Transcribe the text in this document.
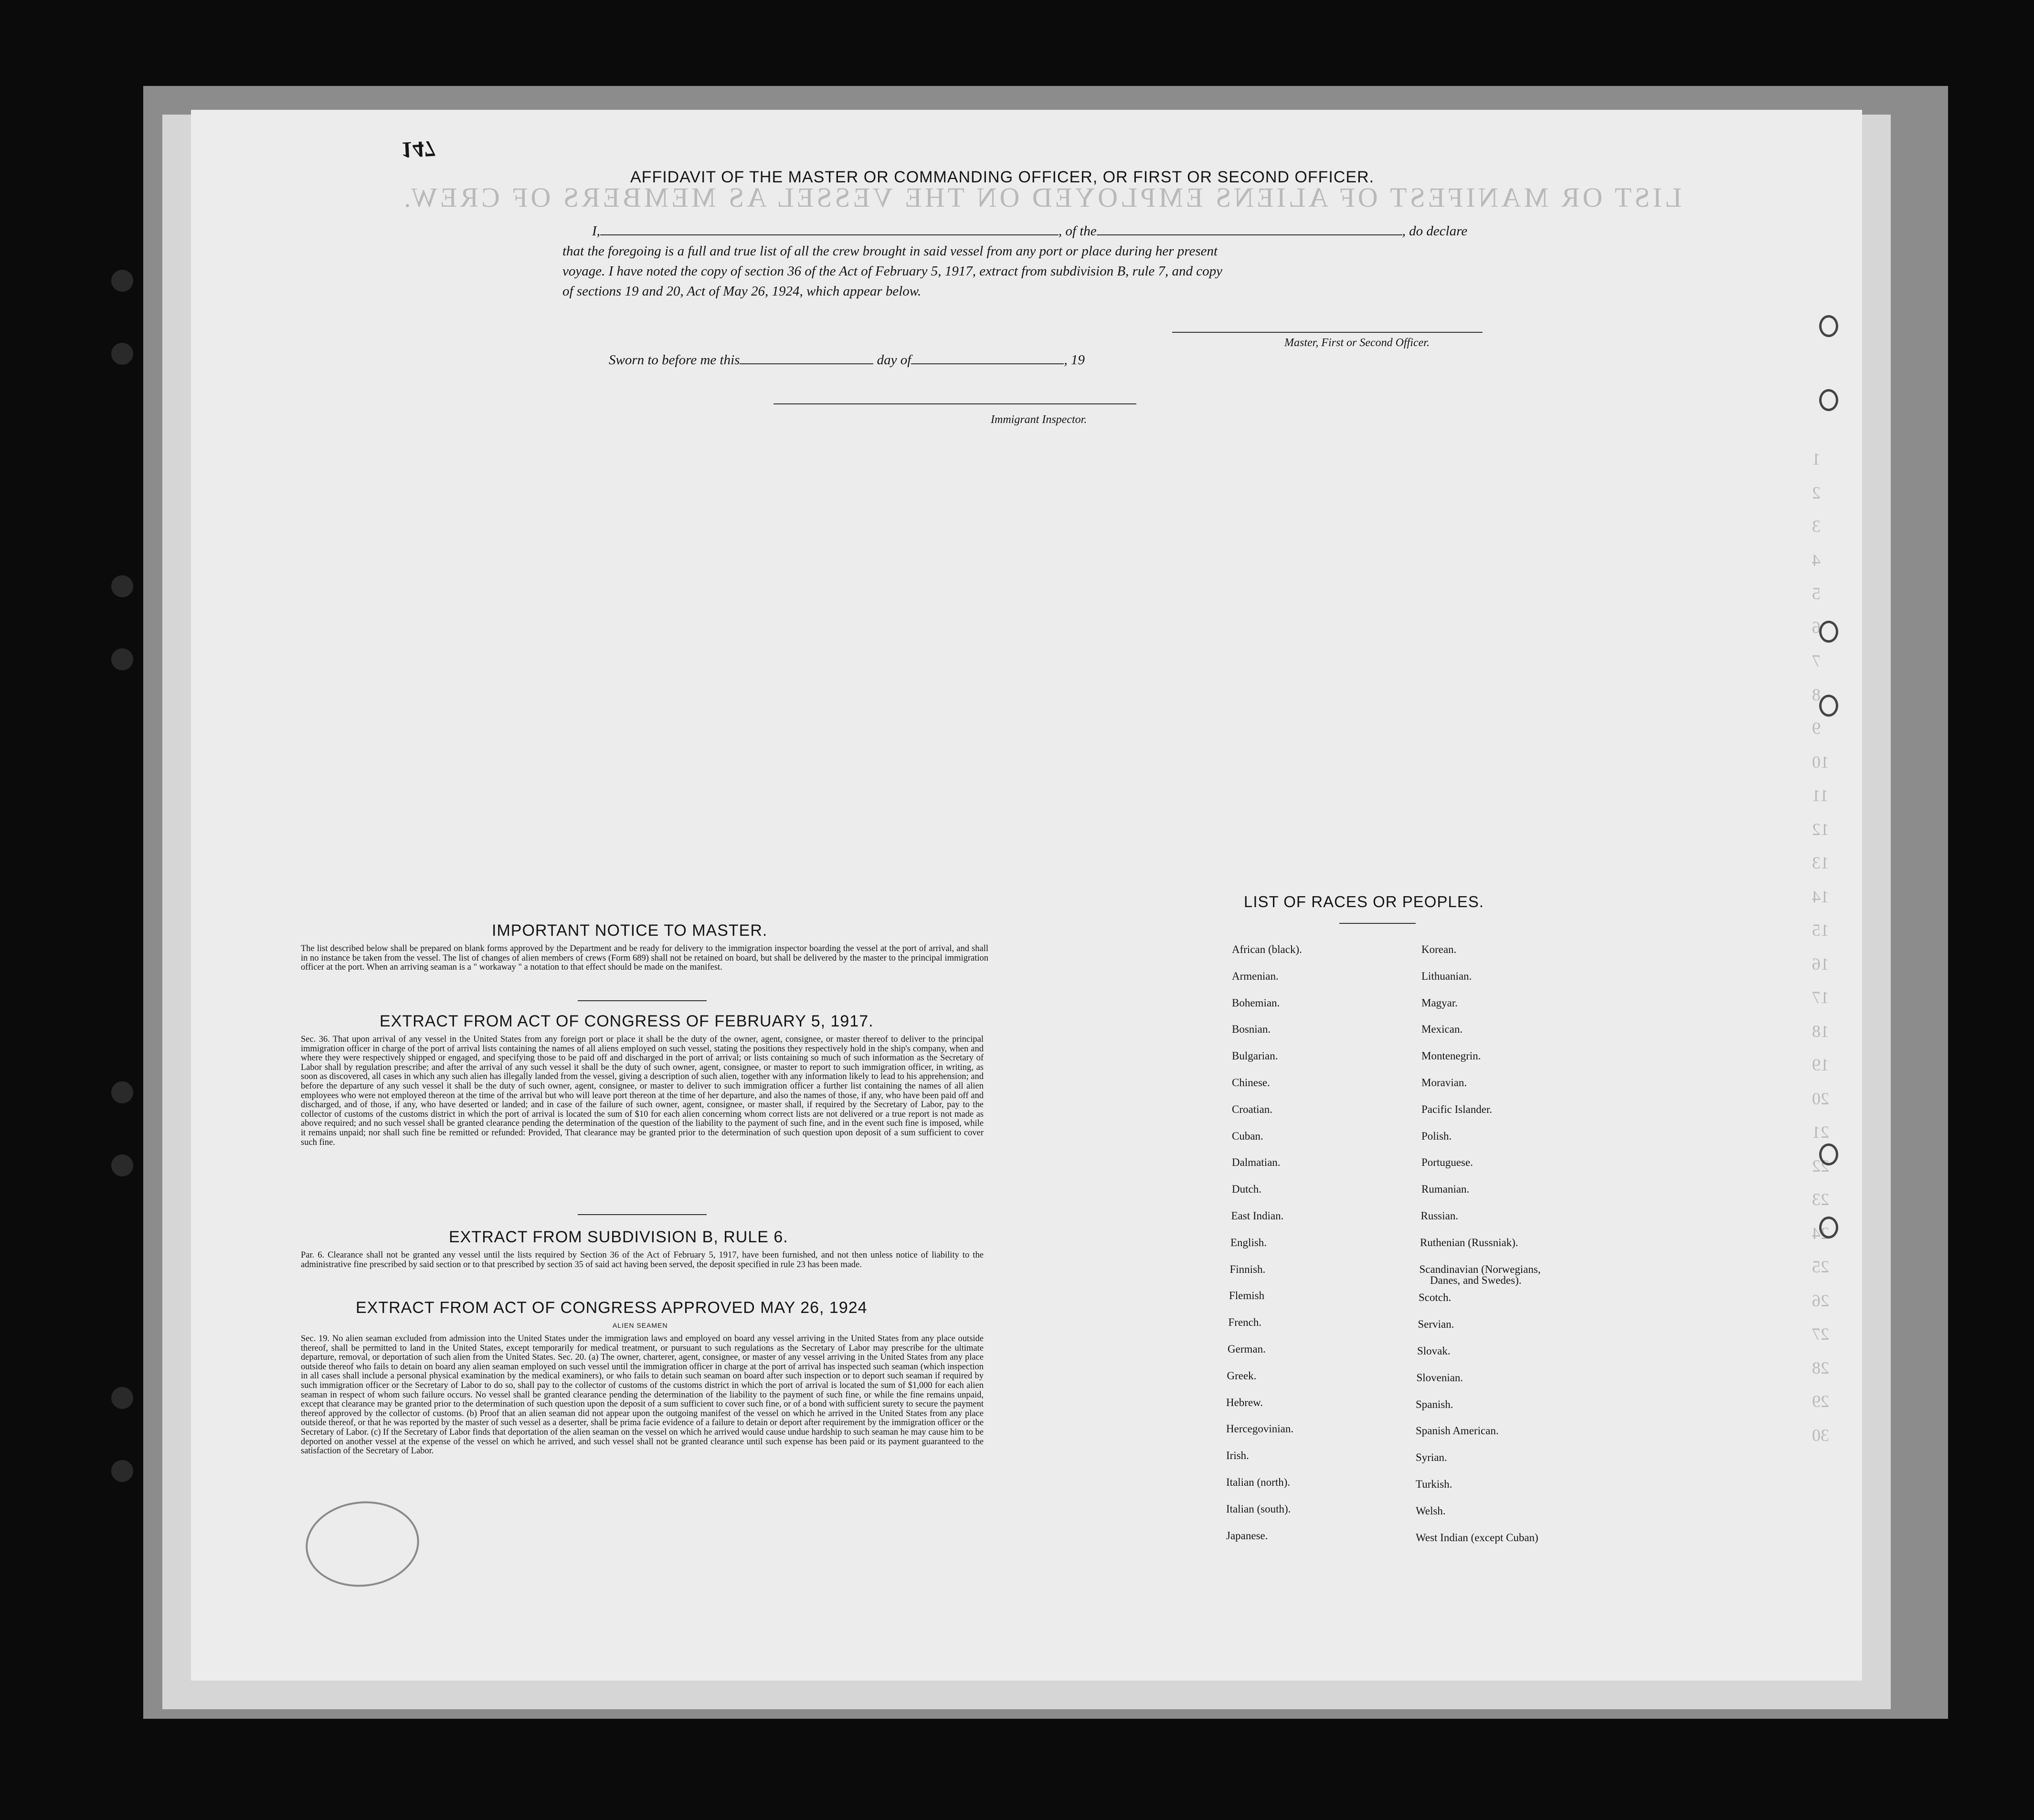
LIST OR MANIFEST OF ALIENS EMPLOYED ON THE VESSEL AS MEMBERS OF CREW.
1
2
3
4
5
6
7
8
9
10
11
12
13
14
15
16
17
18
19
20
21
22
23
24
25
26
27
28
29
30
147
AFFIDAVIT OF THE MASTER OR COMMANDING OFFICER, OR FIRST OR SECOND OFFICER.
I,	, of the	, do declare
that the foregoing is a full and true list of all the crew brought in said vessel from any port or place during her present
voyage. I have noted the copy of section 36 of the Act of February 5, 1917, extract from subdivision B, rule 7, and copy
of sections 19 and 20, Act of May 26, 1924, which appear below.
Sworn to before me this	day of	, 19
Master, First or Second Officer.
Immigrant Inspector.
IMPORTANT NOTICE TO MASTER.
The list described below shall be prepared on blank forms approved by the Department and be ready for delivery to the immigration inspector boarding the vessel at the port of arrival, and shall in no instance be taken from the vessel. The list of changes of alien members of crews (Form 689) shall not be retained on board, but shall be delivered by the master to the principal immigration officer at the port. When an arriving seaman is a " workaway " a notation to that effect should be made on the manifest.
EXTRACT FROM ACT OF CONGRESS OF FEBRUARY 5, 1917.
Sec. 36. That upon arrival of any vessel in the United States from any foreign port or place it shall be the duty of the owner, agent, consignee, or master thereof to deliver to the principal immigration officer in charge of the port of arrival lists containing the names of all aliens employed on such vessel, stating the positions they respectively hold in the ship's company, when and where they were respectively shipped or engaged, and specifying those to be paid off and discharged in the port of arrival; or lists containing so much of such information as the Secretary of Labor shall by regulation prescribe; and after the arrival of any such vessel it shall be the duty of such owner, agent, consignee, or master to report to such immigration officer, in writing, as soon as discovered, all cases in which any such alien has illegally landed from the vessel, giving a description of such alien, together with any information likely to lead to his apprehension; and before the departure of any such vessel it shall be the duty of such owner, agent, consignee, or master to deliver to such immigration officer a further list containing the names of all alien employees who were not employed thereon at the time of the arrival but who will leave port thereon at the time of her departure, and also the names of those, if any, who have been paid off and discharged, and of those, if any, who have deserted or landed; and in case of the failure of such owner, agent, consignee, or master shall, if required by the Secretary of Labor, pay to the collector of customs of the customs district in which the port of arrival is located the sum of $10 for each alien concerning whom correct lists are not delivered or a true report is not made as above required; and no such vessel shall be granted clearance pending the determination of the question of the liability to the payment of such fine, and in the event such fine is imposed, while it remains unpaid; nor shall such fine be remitted or refunded: Provided, That clearance may be granted prior to the determination of such question upon deposit of a sum sufficient to cover such fine.
EXTRACT FROM SUBDIVISION B, RULE 6.
Par. 6. Clearance shall not be granted any vessel until the lists required by Section 36 of the Act of February 5, 1917, have been furnished, and not then unless notice of liability to the administrative fine prescribed by said section or to that prescribed by section 35 of said act having been served, the deposit specified in rule 23 has been made.
EXTRACT FROM ACT OF CONGRESS APPROVED MAY 26, 1924
ALIEN SEAMEN
Sec. 19. No alien seaman excluded from admission into the United States under the immigration laws and employed on board any vessel arriving in the United States from any place outside thereof, shall be permitted to land in the United States, except temporarily for medical treatment, or pursuant to such regulations as the Secretary of Labor may prescribe for the ultimate departure, removal, or deportation of such alien from the United States. Sec. 20. (a) The owner, charterer, agent, consignee, or master of any vessel arriving in the United States from any place outside thereof who fails to detain on board any alien seaman employed on such vessel until the immigration officer in charge at the port of arrival has inspected such seaman (which inspection in all cases shall include a personal physical examination by the medical examiners), or who fails to detain such seaman on board after such inspection or to deport such seaman if required by such immigration officer or the Secretary of Labor to do so, shall pay to the collector of customs of the customs district in which the port of arrival is located the sum of $1,000 for each alien seaman in respect of whom such failure occurs. No vessel shall be granted clearance pending the determination of the liability to the payment of such fine, or while the fine remains unpaid, except that clearance may be granted prior to the determination of such question upon the deposit of a sum sufficient to cover such fine, or of a bond with sufficient surety to secure the payment thereof approved by the collector of customs. (b) Proof that an alien seaman did not appear upon the outgoing manifest of the vessel on which he arrived in the United States from any place outside thereof, or that he was reported by the master of such vessel as a deserter, shall be prima facie evidence of a failure to detain or deport after requirement by the immigration officer or the Secretary of Labor. (c) If the Secretary of Labor finds that deportation of the alien seaman on the vessel on which he arrived would cause undue hardship to such seaman he may cause him to be deported on another vessel at the expense of the vessel on which he arrived, and such vessel shall not be granted clearance until such expense has been paid or its payment guaranteed to the satisfaction of the Secretary of Labor.
LIST OF RACES OR PEOPLES.
African (black).
Armenian.
Bohemian.
Bosnian.
Bulgarian.
Chinese.
Croatian.
Cuban.
Dalmatian.
Dutch.
East Indian.
English.
Finnish.
Flemish
French.
German.
Greek.
Hebrew.
Hercegovinian.
Irish.
Italian (north).
Italian (south).
Japanese.
Korean.
Lithuanian.
Magyar.
Mexican.
Montenegrin.
Moravian.
Pacific Islander.
Polish.
Portuguese.
Rumanian.
Russian.
Ruthenian (Russniak).
Scandinavian (Norwegians,
Scotch.
Servian.
Slovak.
Slovenian.
Spanish.
Spanish American.
Syrian.
Turkish.
Welsh.
West Indian (except Cuban)
Danes, and Swedes).
